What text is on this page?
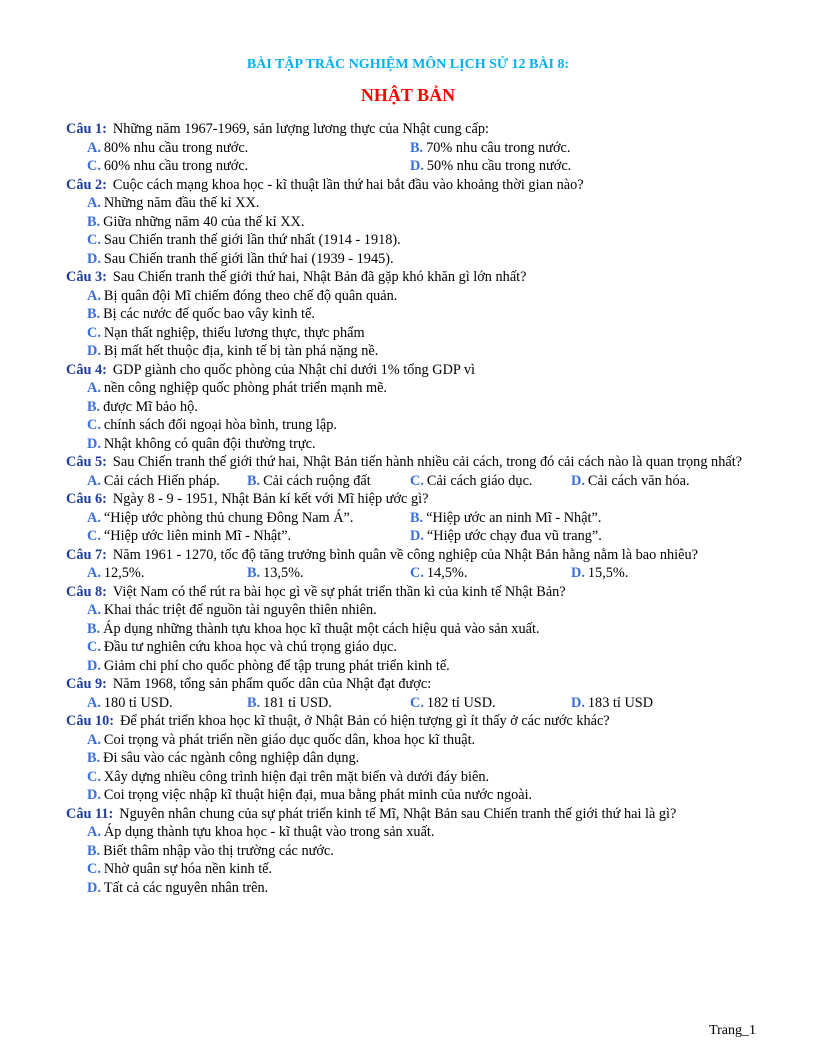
BÀI TẬP TRẮC NGHIỆM MÔN LỊCH SỬ 12 BÀI 8:
NHẬT BẢN
Câu 1: Những năm 1967-1969, sản lượng lương thực của Nhật cung cấp:
A. 80% nhu cầu trong nước.	B. 70% nhu câu trong nước.
C. 60% nhu cầu trong nước.	D. 50% nhu cầu trong nước.
Câu 2: Cuộc cách mạng khoa học - kĩ thuật lần thứ hai bắt đầu vào khoảng thời gian nào?
A. Những năm đầu thế kỉ XX.
B. Giữa những năm 40 của thế kỉ XX.
C. Sau Chiến tranh thế giới lần thứ nhất (1914 - 1918).
D. Sau Chiến tranh thế giới lần thứ hai (1939 - 1945).
Câu 3: Sau Chiến tranh thế giới thứ hai, Nhật Bản đã gặp khó khăn gì lớn nhất?
A. Bị quân đội Mĩ chiếm đóng theo chế độ quân quản.
B. Bị các nước đế quốc bao vây kinh tế.
C. Nạn thất nghiệp, thiếu lương thực, thực phẩm
D. Bị mất hết thuộc địa, kinh tế bị tàn phá nặng nề.
Câu 4: GDP giành cho quốc phòng của Nhật chỉ dưới 1% tổng GDP vì
A. nền công nghiệp quốc phòng phát triển mạnh mẽ.
B. được Mĩ bảo hộ.
C. chính sách đối ngoại hòa bình, trung lập.
D. Nhật không có quân đội thường trực.
Câu 5: Sau Chiến tranh thế giới thứ hai, Nhật Bản tiến hành nhiều cải cách, trong đó cải cách nào là quan trọng nhất?
A. Cải cách Hiến pháp.	B. Cải cách ruộng đất	C. Cải cách giáo dục.	D. Cải cách văn hóa.
Câu 6: Ngày 8 - 9 - 1951, Nhật Bản kí kết với Mĩ hiệp ước gì?
A. “Hiệp ước phòng thủ chung Đông Nam Á”.	B. “Hiệp ước an ninh Mĩ - Nhật”.
C. “Hiệp ước liên minh Mĩ - Nhật”.	D. “Hiệp ước chạy đua vũ trang”.
Câu 7: Năm 1961 - 1270, tốc độ tăng trưởng bình quân về công nghiệp của Nhật Bản hằng nằm là bao nhiêu?
A. 12,5%.	B. 13,5%.	C. 14,5%.	D. 15,5%.
Câu 8: Việt Nam có thể rút ra bài học gì về sự phát triển thần kì của kinh tế Nhật Bản?
A. Khai thác triệt để nguồn tài nguyên thiên nhiên.
B. Áp dụng những thành tựu khoa học kĩ thuật một cách hiệu quả vào sản xuất.
C. Đầu tư nghiên cứu khoa học và chú trọng giáo dục.
D. Giảm chi phí cho quốc phòng để tập trung phát triển kinh tế.
Câu 9: Năm 1968, tổng sản phẩm quốc dân của Nhật đạt được:
A. 180 tỉ USD.	B. 181 tỉ USD.	C. 182 tỉ USD.	D. 183 tỉ USD
Câu 10: Để phát triển khoa học kĩ thuật, ở Nhật Bản có hiện tượng gì ít thấy ở các nước khác?
A. Coi trọng và phát triển nền giáo dục quốc dân, khoa học kĩ thuật.
B. Đi sâu vào các ngành công nghiệp dân dụng.
C. Xây dựng nhiều công trình hiện đại trên mặt biển và dưới đáy biên.
D. Coi trọng việc nhập kĩ thuật hiện đại, mua bằng phát minh của nước ngoài.
Câu 11: Nguyên nhân chung của sự phát triển kinh tế Mĩ, Nhật Bản sau Chiến tranh thế giới thứ hai là gì?
A. Áp dụng thành tựu khoa học - kĩ thuật vào trong sản xuất.
B. Biết thâm nhập vào thị trường các nước.
C. Nhờ quân sự hóa nền kinh tế.
D. Tất cả các nguyên nhân trên.
Trang_1
